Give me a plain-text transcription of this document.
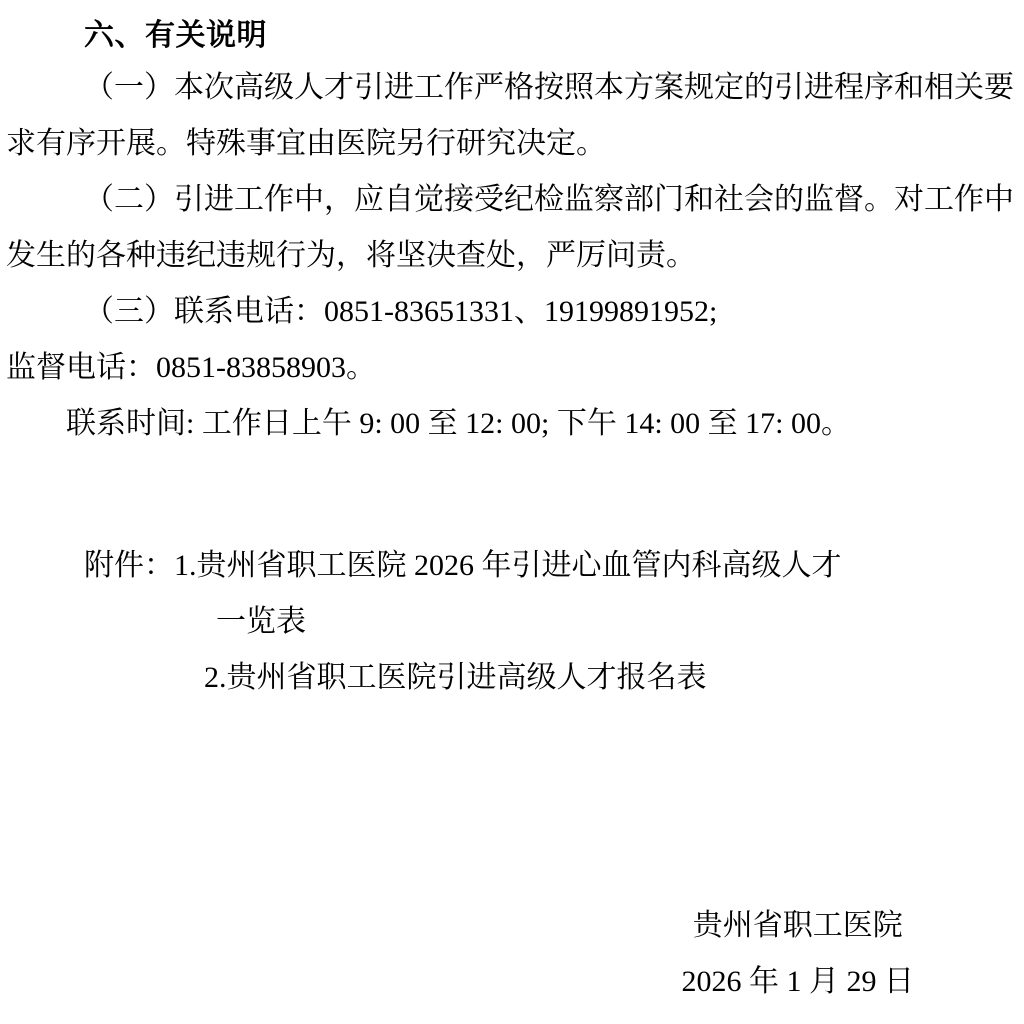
六、有关说明

（一）本次高级人才引进工作严格按照本方案规定的引进程序和相关要求有序开展。特殊事宜由医院另行研究决定。

（二）引进工作中，应自觉接受纪检监察部门和社会的监督。对工作中发生的各种违纪违规行为，将坚决查处，严厉问责。

（三）联系电话：0851-83651331、19199891952;

监督电话：0851-83858903。

联系时间: 工作日上午 9: 00 至 12: 00; 下午 14: 00 至 17: 00。

附件： 1.贵州省职工医院 2026 年引进心血管内科高级人才
一览表
2.贵州省职工医院引进高级人才报名表
贵州省职工医院
2026 年 1 月 29 日
